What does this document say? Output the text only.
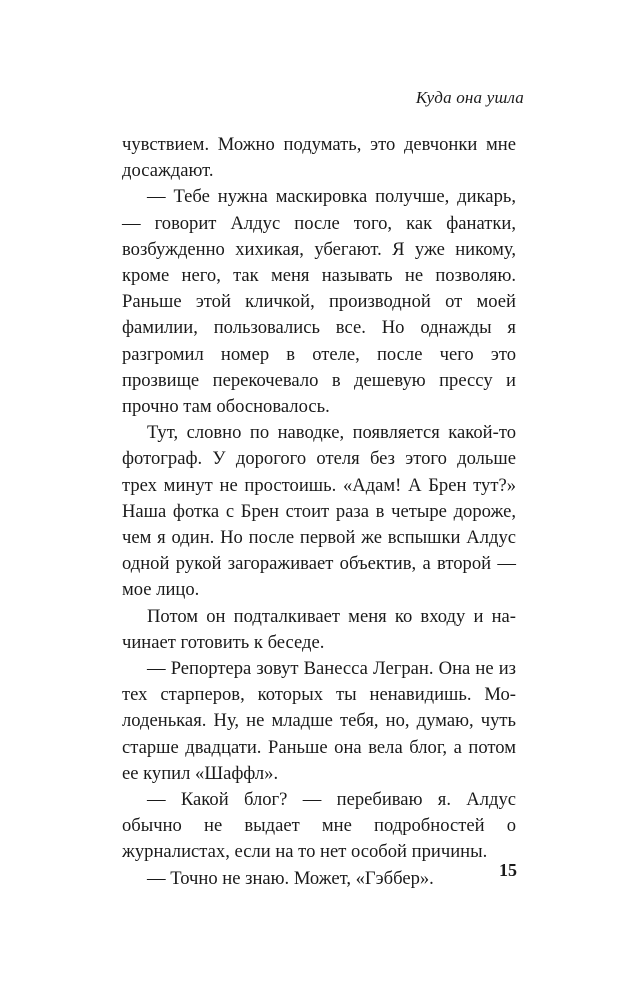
Куда она ушла

чувствием. Можно подумать, это девчонки мне досаждают.

— Тебе нужна маскировка получше, дикарь, — говорит Алдус после того, как фанатки, возбужденно хихикая, убегают. Я уже никому, кроме него, так меня называть не позволяю. Раньше этой кличкой, производной от моей фамилии, пользовались все. Но однажды я разгромил номер в отеле, после чего это прозвище перекочевало в дешевую прессу и прочно там обосновалось.

Тут, словно по наводке, появляется какой-то фотограф. У дорогого отеля без этого дольше трех минут не простоишь. «Адам! А Брен тут?» Наша фотка с Брен стоит раза в четыре дороже, чем я один. Но после первой же вспышки Алдус одной рукой загораживает объектив, а второй — мое лицо.

Потом он подталкивает меня ко входу и начинает готовить к беседе.

— Репортера зовут Ванесса Легран. Она не из тех старперов, которых ты ненавидишь. Молоденькая. Ну, не младше тебя, но, думаю, чуть старше двадцати. Раньше она вела блог, а потом ее купил «Шаффл».

— Какой блог? — перебиваю я. Алдус обычно не выдает мне подробностей о журналистах, если на то нет особой причины.

— Точно не знаю. Может, «Гэббер».	15
